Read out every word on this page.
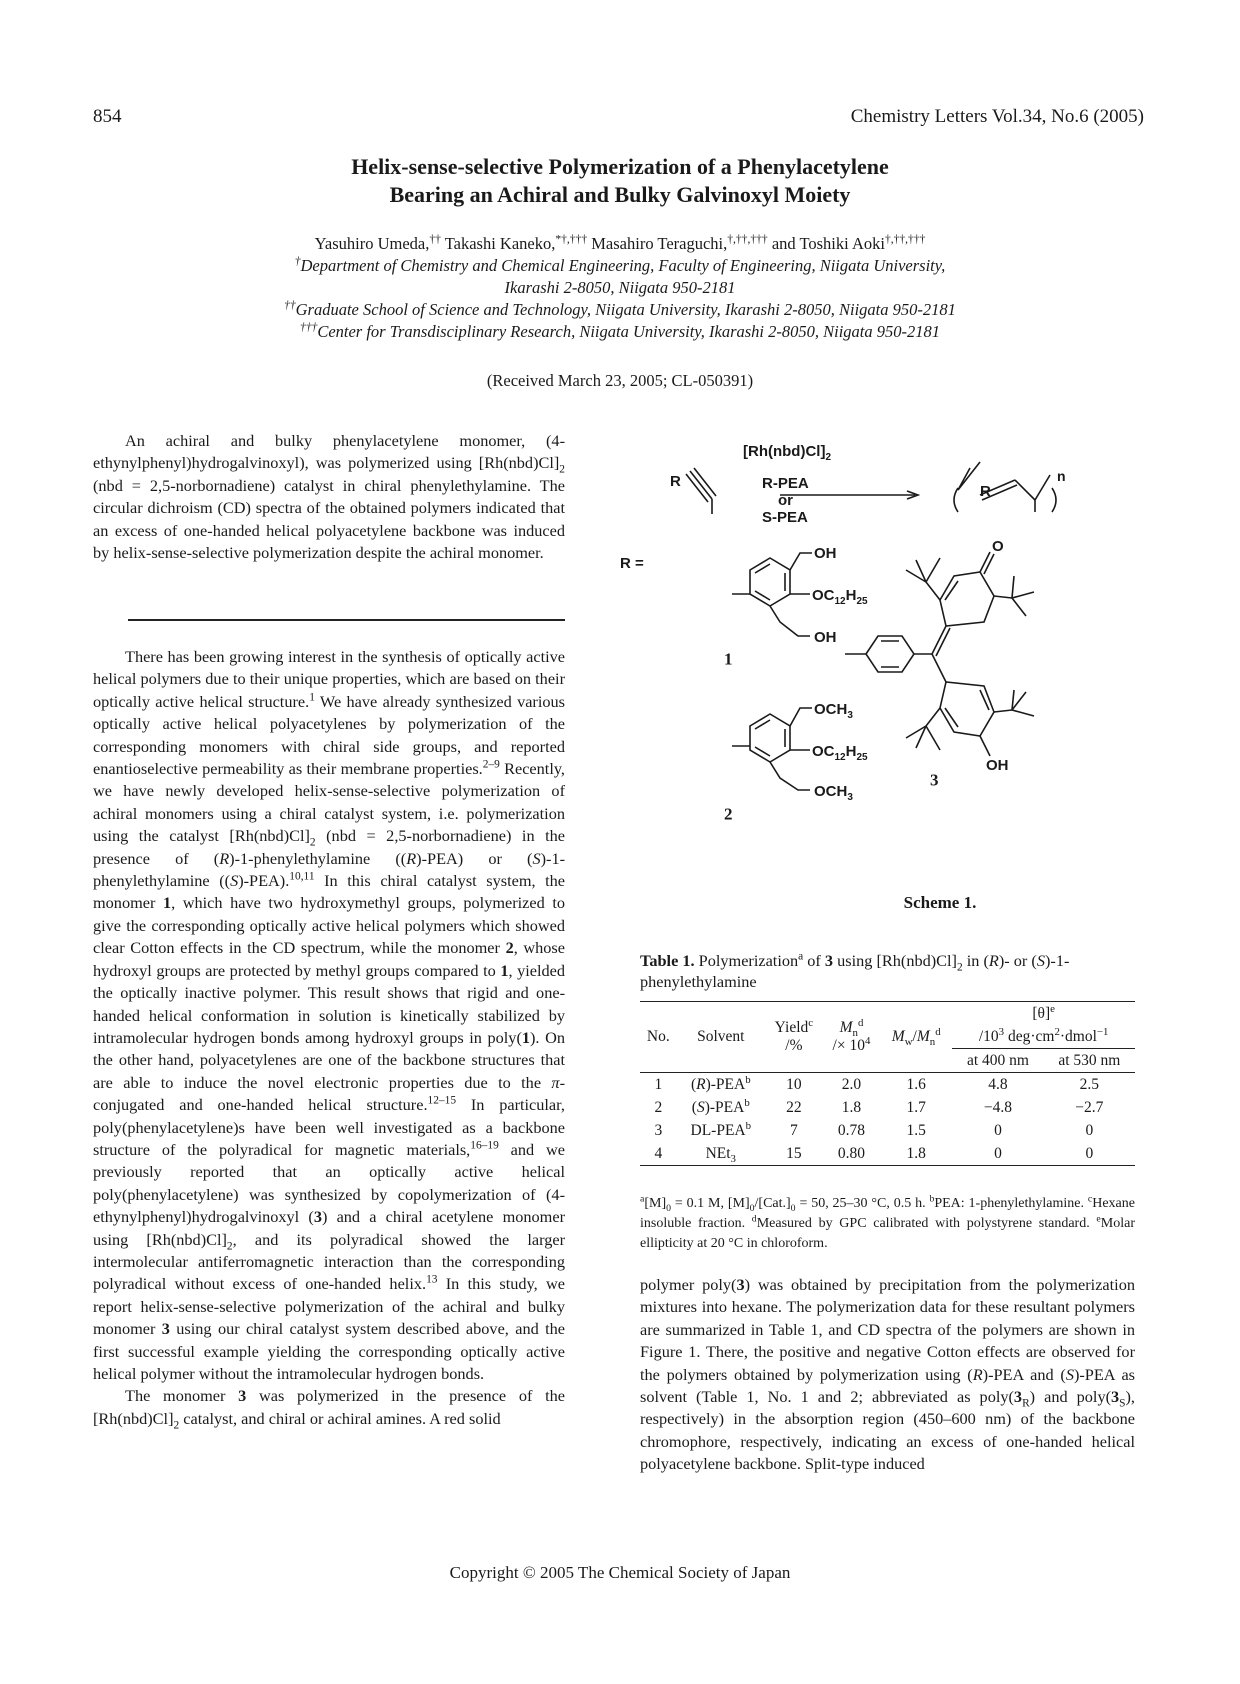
854	Chemistry Letters Vol.34, No.6 (2005)
Helix-sense-selective Polymerization of a Phenylacetylene
Bearing an Achiral and Bulky Galvinoxyl Moiety
Yasuhiro Umeda,†† Takashi Kaneko,*†,††† Masahiro Teraguchi,†,††,††† and Toshiki Aoki†,††,†††
†Department of Chemistry and Chemical Engineering, Faculty of Engineering, Niigata University,
Ikarashi 2-8050, Niigata 950-2181
††Graduate School of Science and Technology, Niigata University, Ikarashi 2-8050, Niigata 950-2181
†††Center for Transdisciplinary Research, Niigata University, Ikarashi 2-8050, Niigata 950-2181
(Received March 23, 2005; CL-050391)

An achiral and bulky phenylacetylene monomer, (4-ethynylphenyl)hydrogalvinoxyl), was polymerized using $[Rh(nbd)Cl]_2$ (nbd = 2,5-norbornadiene) catalyst in chiral phenylethylamine. The circular dichroism (CD) spectra of the obtained polymers indicated that an excess of one-handed helical polyacetylene backbone was induced by helix-sense-selective polymerization despite the achiral monomer.

There has been growing interest in the synthesis of optically active helical polymers due to their unique properties, which are based on their optically active helical structure.$^1$ We have already synthesized various optically active helical polyacetylenes by polymerization of the corresponding monomers with chiral side groups, and reported enantioselective permeability as their membrane properties.$^{2-9}$ Recently, we have newly developed helix-sense-selective polymerization of achiral monomers using a chiral catalyst system, i.e. polymerization using the catalyst $[Rh(nbd)Cl]_2$ (nbd = 2,5-norbornadiene) in the presence of (R)-1-phenylethylamine ((R)-PEA) or (S)-1-phenylethylamine ((S)-PEA).$^{10,11}$ In this chiral catalyst system, the monomer 1, which have two hydroxymethyl groups, polymerized to give the corresponding optically active helical polymers which showed clear Cotton effects in the CD spectrum, while the monomer 2, whose hydroxyl groups are protected by methyl groups compared to 1, yielded the optically inactive polymer. This result shows that rigid and one-handed helical conformation in solution is kinetically stabilized by intramolecular hydrogen bonds among hydroxyl groups in poly(1). On the other hand, polyacetylenes are one of the backbone structures that are able to induce the novel electronic properties due to the π-conjugated and one-handed helical structure.$^{12-15}$ In particular, poly(phenylacetylene)s have been well investigated as a backbone structure of the polyradical for magnetic materials,$^{16-19}$ and we previously reported that an optically active helical poly(phenylacetylene) was synthesized by copolymerization of (4-ethynylphenyl)hydrogalvinoxyl (3) and a chiral acetylene monomer using $[Rh(nbd)Cl]_2$, and its polyradical showed the larger intermolecular antiferromagnetic interaction than the corresponding polyradical without excess of one-handed helix.$^{13}$ In this study, we report helix-sense-selective polymerization of the achiral and bulky monomer 3 using our chiral catalyst system described above, and the first successful example yielding the corresponding optically active helical polymer without the intramolecular hydrogen bonds.

The monomer 3 was polymerized in the presence of the $[Rh(nbd)Cl]_2$ catalyst, and chiral or achiral amines. A red solid

$[Rh(nbd)Cl]_2$
R-PEA
or
S-PEA
R
R
n
R =
OH
$OC_{12}H_{25}$
OH
1
$OCH_3$
$OC_{12}H_{25}$
$OCH_3$
2
O
OH
3
Scheme 1.
Table 1. Polymerization$^a$ of 3 using $[Rh(nbd)Cl]_2$ in (R)- or (S)-1-phenylethylamine
No.	Solvent	Yield$^c$
/%	$M_n^d$
/× $10^4$	$M_w/M_n^d$	$[\theta]^e$
					$/10^3$ $deg\cdot cm^2\cdot dmol^{-1}$
					at 400 nm	at 530 nm
1	(R)-PEA$^b$	10	2.0	1.6	4.8	2.5
2	(S)-PEA$^b$	22	1.8	1.7	−4.8	−2.7
3	DL-PEA$^b$	7	0.78	1.5	0	0
4	NEt$_3$	15	0.80	1.8	0	0
$^a[M]_0 = 0.1$ M, $[M]_0/[Cat.]_0 = 50$, 25–30 °C, 0.5 h. $^b$PEA: 1-phenylethylamine. $^c$Hexane insoluble fraction. $^d$Measured by GPC calibrated with polystyrene standard. $^e$Molar ellipticity at 20 °C in chloroform.

polymer poly(3) was obtained by precipitation from the polymerization mixtures into hexane. The polymerization data for these resultant polymers are summarized in Table 1, and CD spectra of the polymers are shown in Figure 1. There, the positive and negative Cotton effects are observed for the polymers obtained by polymerization using (R)-PEA and (S)-PEA as solvent (Table 1, No. 1 and 2; abbreviated as $poly(3_R)$ and $poly(3_S)$, respectively) in the absorption region (450–600 nm) of the backbone chromophore, respectively, indicating an excess of one-handed helical polyacetylene backbone. Split-type induced

Copyright © 2005 The Chemical Society of Japan
